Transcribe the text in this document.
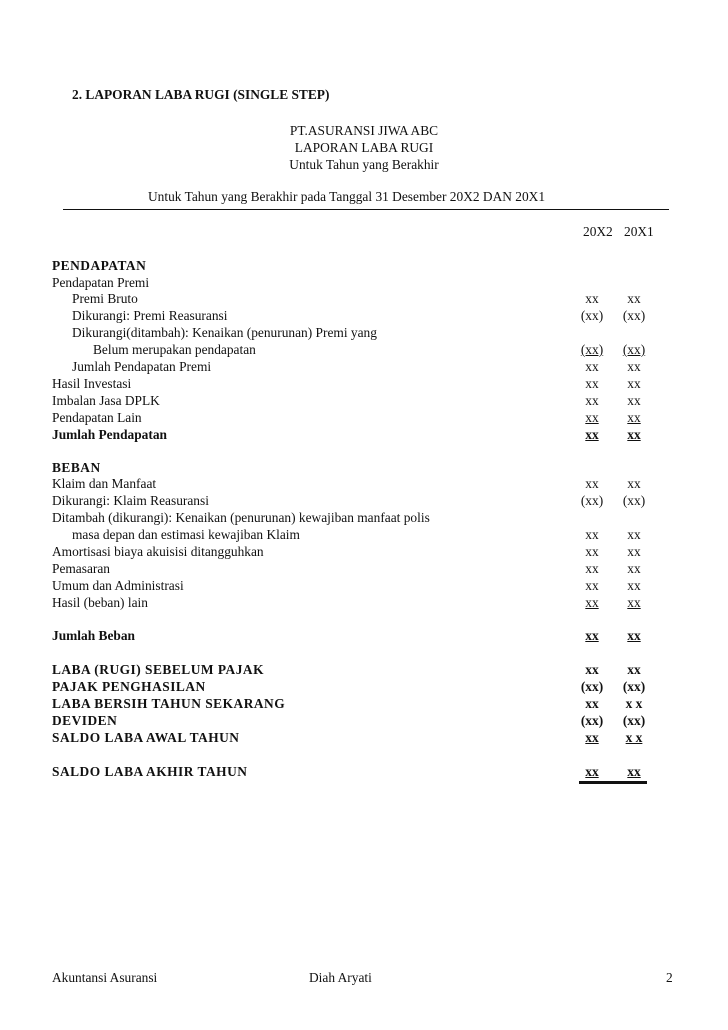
2. LAPORAN LABA RUGI (SINGLE STEP)
PT.ASURANSI JIWA ABC
LAPORAN LABA RUGI
Untuk Tahun yang Berakhir
Untuk Tahun yang Berakhir pada Tanggal 31 Desember 20X2 DAN 20X1
20X2 20X1
PENDAPATAN
Pendapatan Premi
Premi Bruto	xx	xx
Dikurangi: Premi Reasuransi	(xx)	(xx)
Dikurangi(ditambah): Kenaikan (penurunan) Premi yang
Belum merupakan pendapatan	(xx)	(xx)
Jumlah Pendapatan Premi	xx	xx
Hasil Investasi	xx	xx
Imbalan Jasa DPLK	xx	xx
Pendapatan Lain	xx	xx
Jumlah Pendapatan	xx	xx
BEBAN
Klaim dan Manfaat	xx	xx
Dikurangi: Klaim Reasuransi	(xx)	(xx)
Ditambah (dikurangi): Kenaikan (penurunan) kewajiban manfaat polis
masa depan dan estimasi kewajiban Klaim	xx	xx
Amortisasi biaya akuisisi ditangguhkan	xx	xx
Pemasaran	xx	xx
Umum dan Administrasi	xx	xx
Hasil (beban) lain	xx	xx
Jumlah Beban	xx	xx
LABA (RUGI) SEBELUM PAJAK	xx	xx
PAJAK PENGHASILAN	(xx)	(xx)
LABA BERSIH TAHUN SEKARANG	xx	x x
DEVIDEN	(xx)	(xx)
SALDO LABA AWAL TAHUN	xx	x x
SALDO LABA AKHIR TAHUN	xx	xx
Akuntansi Asuransi	Diah Aryati	2
